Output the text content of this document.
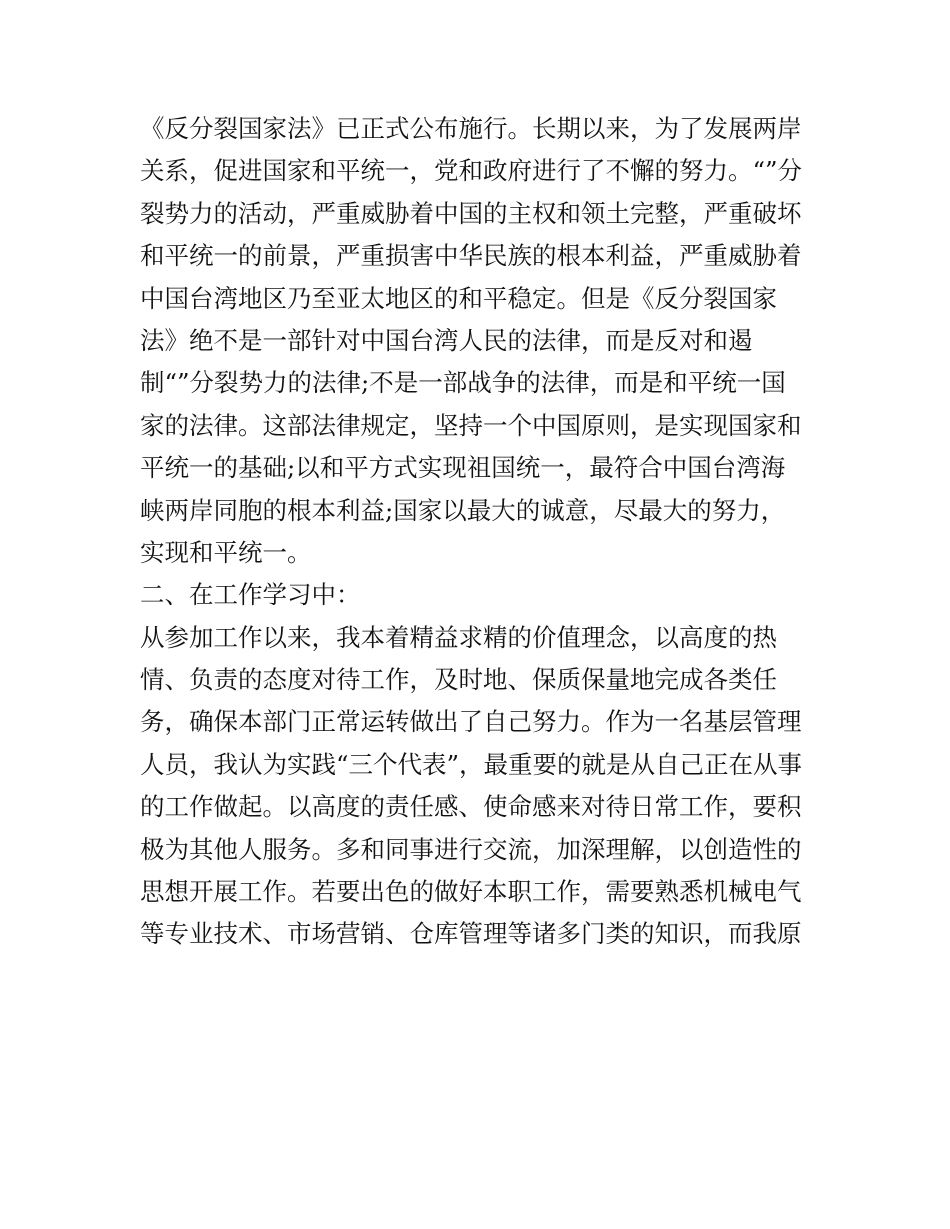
《反分裂国家法》已正式公布施行。长期以来，为了发展两岸
关系，促进国家和平统一，党和政府进行了不懈的努力。“”分
裂势力的活动，严重威胁着中国的主权和领土完整，严重破坏
和平统一的前景，严重损害中华民族的根本利益，严重威胁着
中国台湾地区乃至亚太地区的和平稳定。但是《反分裂国家
法》绝不是一部针对中国台湾人民的法律，而是反对和遏
制“”分裂势力的法律;不是一部战争的法律，而是和平统一国
家的法律。这部法律规定，坚持一个中国原则，是实现国家和
平统一的基础;以和平方式实现祖国统一，最符合中国台湾海
峡两岸同胞的根本利益;国家以最大的诚意，尽最大的努力，
实现和平统一。
二、在工作学习中：
从参加工作以来，我本着精益求精的价值理念，以高度的热
情、负责的态度对待工作，及时地、保质保量地完成各类任
务，确保本部门正常运转做出了自己努力。作为一名基层管理
人员，我认为实践“三个代表”，最重要的就是从自己正在从事
的工作做起。以高度的责任感、使命感来对待日常工作，要积
极为其他人服务。多和同事进行交流，加深理解，以创造性的
思想开展工作。若要出色的做好本职工作，需要熟悉机械电气
等专业技术、市场营销、仓库管理等诸多门类的知识，而我原
